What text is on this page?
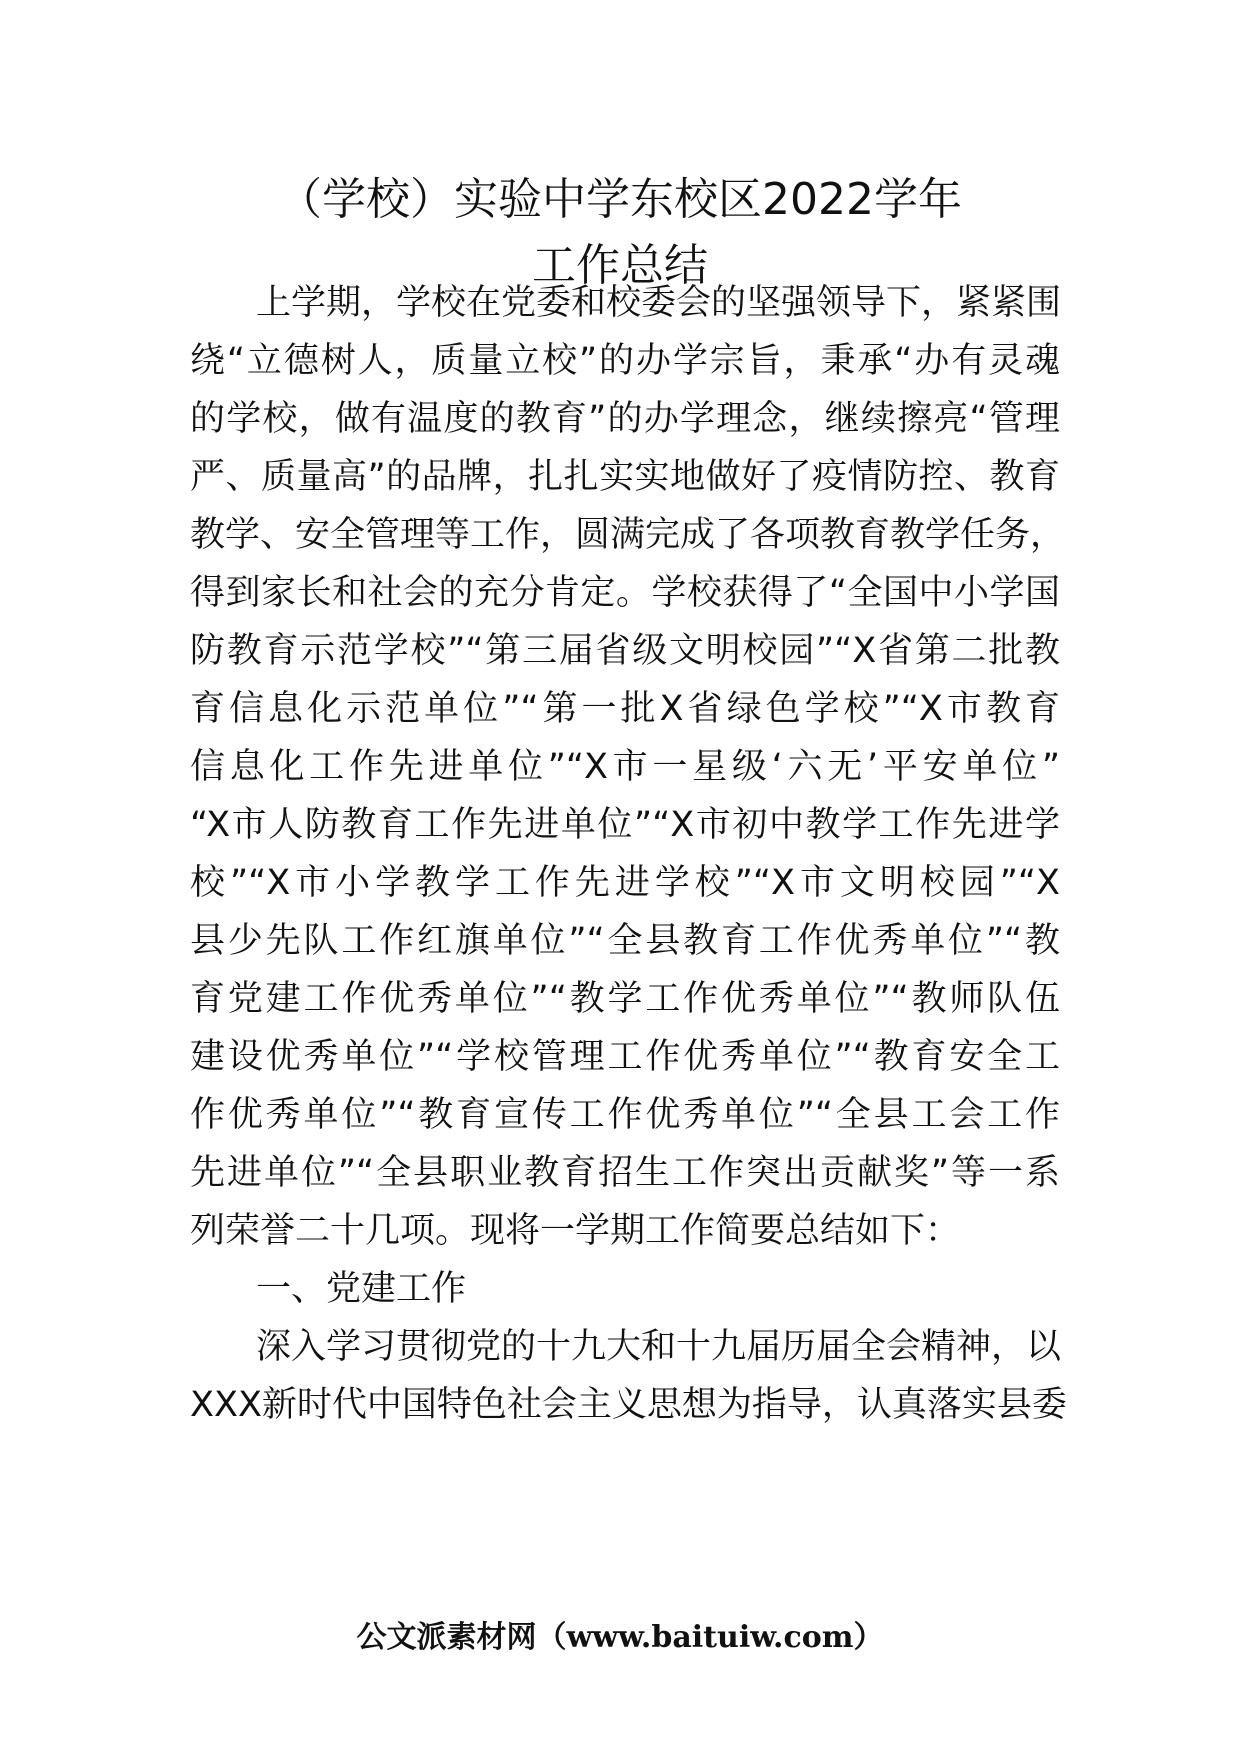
（学校）实验中学东校区2022学年
工作总结
上学期，学校在党委和校委会的坚强领导下，紧紧围
绕“立德树人，质量立校”的办学宗旨，秉承“办有灵魂
的学校，做有温度的教育”的办学理念，继续擦亮“管理
严、质量高”的品牌，扎扎实实地做好了疫情防控、教育
教学、安全管理等工作，圆满完成了各项教育教学任务，
得到家长和社会的充分肯定。学校获得了“全国中小学国
防教育示范学校”“第三届省级文明校园”“X省第二批教
育信息化示范单位”“第一批X省绿色学校”“X市教育
信息化工作先进单位”“X市一星级‘六无’平安单位”
“X市人防教育工作先进单位”“X市初中教学工作先进学
校”“X市小学教学工作先进学校”“X市文明校园”“X
县少先队工作红旗单位”“全县教育工作优秀单位”“教
育党建工作优秀单位”“教学工作优秀单位”“教师队伍
建设优秀单位”“学校管理工作优秀单位”“教育安全工
作优秀单位”“教育宣传工作优秀单位”“全县工会工作
先进单位”“全县职业教育招生工作突出贡献奖”等一系
列荣誉二十几项。现将一学期工作简要总结如下：
一、党建工作
深入学习贯彻党的十九大和十九届历届全会精神，以
XXX新时代中国特色社会主义思想为指导，认真落实县委
公文派素材网（www.baituiw.com）
